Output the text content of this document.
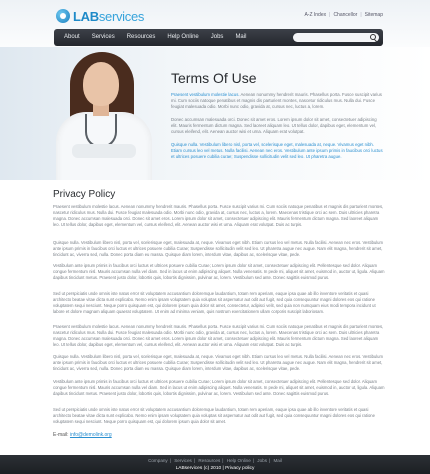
LABservices	A-Z Index | Chancellor | Sitemap
About	Services	Resources	Help Online	Jobs	Mail
Terms Of Use
Praesent vestibulum molestie lacus. Aenean nonummy hendrerit mauris. Phasellus porta. Fusce suscipit varius mi. Cum sociis natoque penatibus et magnis dis parturient montes, nascetur ridiculus mus. Nulla dui. Fusce feugiat malesuada odio. Morbi nunc odio, gravida at, cursus nec, luctus a, lorem.
Donec accumsan malesuada orci. Donec sit amet eros. Lorem ipsum dolor sit amet, consectetuer adipiscing elit. Mauris fermentum dictum magna. Sed laoreet aliquam leo. Ut tellus dolor, dapibus eget, elementum vel, cursus eleifend, elit. Aenean auctor wisi et urna. Aliquam erat volutpat.
Quisque nulla. Vestibulum libero nisl, porta vel, scelerisque eget, malesuada at, neque. Vivamus eget nibh. Etiam cursus leo vel metus. Nulla facilisi. Aenean nec eros. Vestibulum ante ipsum primis in faucibus orci luctus et ultrices posuere cubilia curae; Suspendisse sollicitudin velit sed leo. Ut pharetra augue.
Privacy Policy
Praesent vestibulum molestie lacus. Aenean nonummy hendrerit mauris. Phasellus porta. Fusce suscipit varius mi. Cum sociis natoque penatibus et magnis dis parturient montes, nascetur ridiculus mus. Nulla dui. Fusce feugiat malesuada odio. Morbi nunc odio, gravida at, cursus nec, luctus a, lorem. Maecenas tristique orci ac sem. Duis ultricies pharetra magna. Donec accumsan malesuada orci. Donec sit amet eros. Lorem ipsum dolor sit amet, consectetuer adipiscing elit. Mauris fermentum dictum magna. Sed laoreet aliquam leo. Ut tellus dolor, dapibus eget, elementum vel, cursus eleifend, elit. Aenean auctor wisi et urna. Aliquam erat volutpat. Duis ac turpis.
Quisque nulla. Vestibulum libero nisl, porta vel, scelerisque eget, malesuada at, neque. Vivamus eget nibh. Etiam cursus leo vel metus. Nulla facilisi. Aenean nec eros. Vestibulum ante ipsum primis in faucibus orci luctus et ultrices posuere cubilia Curae; Suspendisse sollicitudin velit sed leo. Ut pharetra augue nec augue. Nam elit magna, hendrerit sit amet, tincidunt ac, viverra sed, nulla. Donec porta diam eu massa. Quisque diam lorem, interdum vitae, dapibus ac, scelerisque vitae, pede.
Vestibulum ante ipsum primis in faucibus orci luctus et ultrices posuere cubilia Curae; Lorem ipsum dolor sit amet, consectetuer adipiscing elit. Pellentesque sed dolor. Aliquam congue fermentum nisl. Mauris accumsan nulla vel diam. Sed in lacus ut enim adipiscing aliquet. Nulla venenatis. In pede mi, aliquet sit amet, euismod in, auctor ut, ligula. Aliquam dapibus tincidunt metus. Praesent justo dolor, lobortis quis, lobortis dignissim, pulvinar ac, lorem. Vestibulum sed ante. Donec sagittis euismod purus.
Sed ut perspiciatis unde omnis iste natus error sit voluptatem accusantium doloremque laudantium, totam rem aperiam, eaque ipsa quae ab illo inventore veritatis et quasi architecto beatae vitae dicta sunt explicabo. Nemo enim ipsam voluptatem quia voluptas sit aspernatur aut odit aut fugit, sed quia consequuntur magni dolores eos qui ratione voluptatem sequi nesciunt. Neque porro quisquam est, qui dolorem ipsum quia dolor sit amet, consectetur, adipisci velit, sed quia non numquam eius modi tempora incidunt ut labore et dolore magnam aliquam quaerat voluptatem. Ut enim ad minima veniam, quis nostrum exercitationem ullam corporis suscipit laboriosam.
Praesent vestibulum molestie lacus. Aenean nonummy hendrerit mauris. Phasellus porta. Fusce suscipit varius mi. Cum sociis natoque penatibus et magnis dis parturient montes, nascetur ridiculus mus. Nulla dui. Fusce feugiat malesuada odio. Morbi nunc odio, gravida at, cursus nec, luctus a, lorem. Maecenas tristique orci ac sem. Duis ultricies pharetra magna. Donec accumsan malesuada orci. Donec sit amet eros. Lorem ipsum dolor sit amet, consectetuer adipiscing elit. Mauris fermentum dictum magna. Sed laoreet aliquam leo. Ut tellus dolor, dapibus eget, elementum vel, cursus eleifend, elit. Aenean auctor wisi et urna. Aliquam erat volutpat. Duis ac turpis.
Quisque nulla. Vestibulum libero nisl, porta vel, scelerisque eget, malesuada at, neque. Vivamus eget nibh. Etiam cursus leo vel metus. Nulla facilisi. Aenean nec eros. Vestibulum ante ipsum primis in faucibus orci luctus et ultrices posuere cubilia Curae; Suspendisse sollicitudin velit sed leo. Ut pharetra augue nec augue. Nam elit magna, hendrerit sit amet, tincidunt ac, viverra sed, nulla. Donec porta diam eu massa. Quisque diam lorem, interdum vitae, dapibus ac, scelerisque vitae, pede.
Vestibulum ante ipsum primis in faucibus orci luctus et ultrices posuere cubilia Curae; Lorem ipsum dolor sit amet, consectetuer adipiscing elit. Pellentesque sed dolor. Aliquam congue fermentum nisl. Mauris accumsan nulla vel diam. Sed in lacus ut enim adipiscing aliquet. Nulla venenatis. In pede mi, aliquet sit amet, euismod in, auctor ut, ligula. Aliquam dapibus tincidunt metus. Praesent justo dolor, lobortis quis, lobortis dignissim, pulvinar ac, lorem. Vestibulum sed ante. Donec sagittis euismod purus.
Sed ut perspiciatis unde omnis iste natus error sit voluptatem accusantium doloremque laudantium, totam rem aperiam, eaque ipsa quae ab illo inventore veritatis et quasi architecto beatae vitae dicta sunt explicabo. Nemo enim ipsam voluptatem quia voluptas sit aspernatur aut odit aut fugit, sed quia consequuntur magni dolores eos qui ratione voluptatem sequi nesciunt. Neque porro quisquam est, qui dolorem ipsum quia dolor sit amet.
E-mail: info@demolink.org
Company | Services | Resources | Help Online | Jobs | Mail
LABservices (c) 2010 | Privacy policy
